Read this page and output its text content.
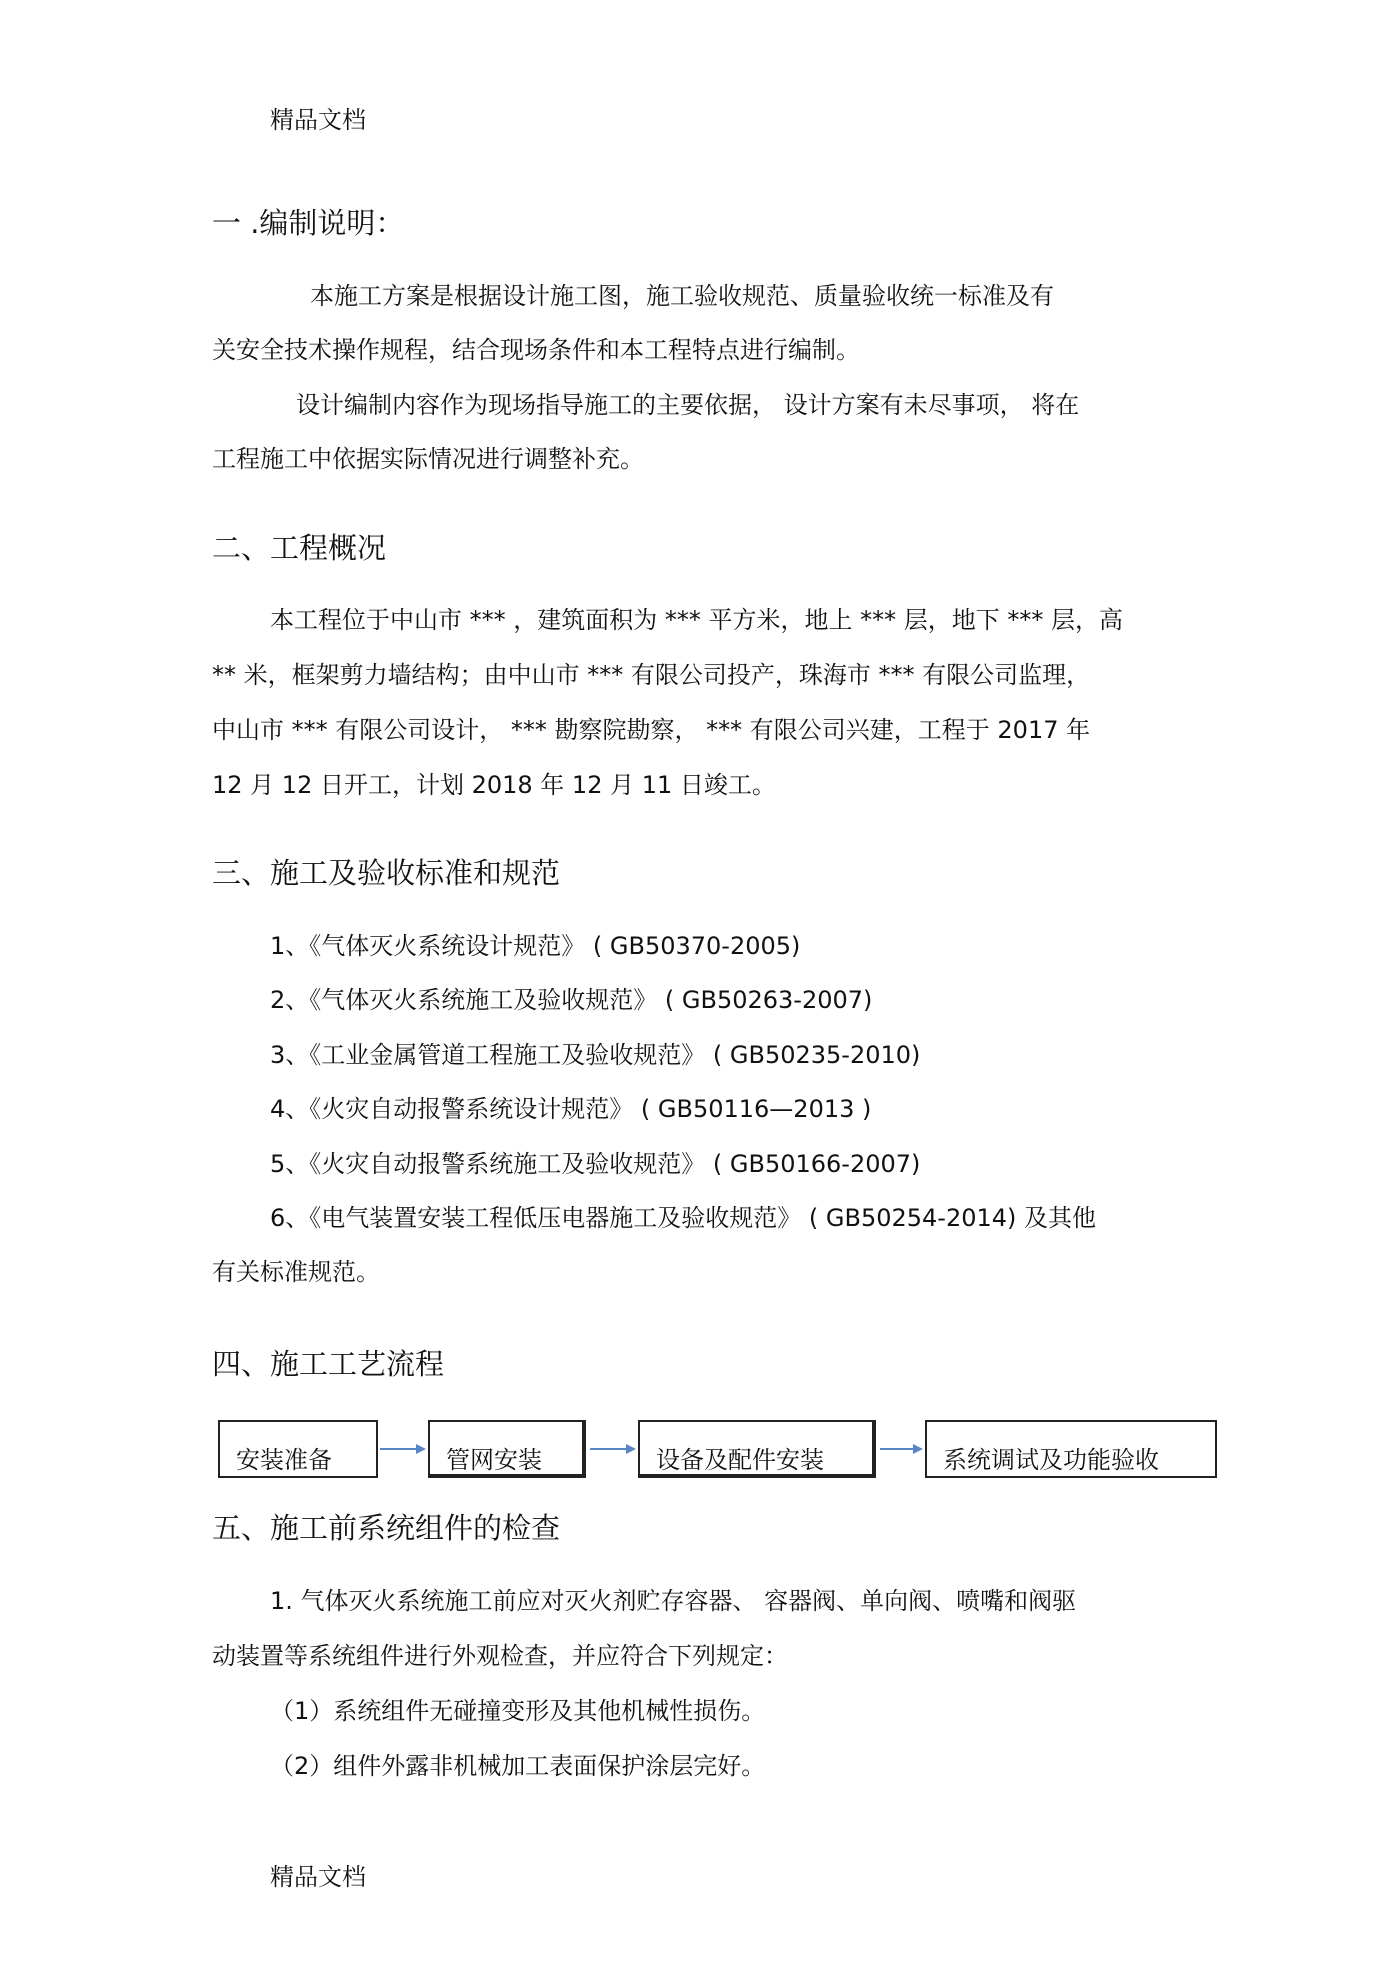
精品文档
一 .编制说明：
本施工方案是根据设计施工图，施工验收规范、质量验收统一标准及有
关安全技术操作规程，结合现场条件和本工程特点进行编制。
设计编制内容作为现场指导施工的主要依据， 设计方案有未尽事项， 将在
工程施工中依据实际情况进行调整补充。
二、工程概况
本工程位于中山市 *** ，建筑面积为 *** 平方米，地上 *** 层，地下 *** 层，高
** 米，框架剪力墙结构；由中山市 *** 有限公司投产，珠海市 *** 有限公司监理，
中山市 *** 有限公司设计， *** 勘察院勘察， *** 有限公司兴建，工程于 2017 年
12 月 12 日开工，计划 2018 年 12 月 11 日竣工。
三、施工及验收标准和规范
1、《气体灭火系统设计规范》 ( GB50370-2005)
2、《气体灭火系统施工及验收规范》 ( GB50263-2007)
3、《工业金属管道工程施工及验收规范》 ( GB50235-2010)
4、《火灾自动报警系统设计规范》 ( GB50116—2013 )
5、《火灾自动报警系统施工及验收规范》 ( GB50166-2007)
6、《电气装置安装工程低压电器施工及验收规范》 ( GB50254-2014) 及其他
有关标准规范。
四、施工工艺流程
安装准备	管网安装	设备及配件安装	系统调试及功能验收
五、施工前系统组件的检查
1. 气体灭火系统施工前应对灭火剂贮存容器、 容器阀、单向阀、喷嘴和阀驱
动装置等系统组件进行外观检查，并应符合下列规定：
（1）系统组件无碰撞变形及其他机械性损伤。
（2）组件外露非机械加工表面保护涂层完好。
精品文档
